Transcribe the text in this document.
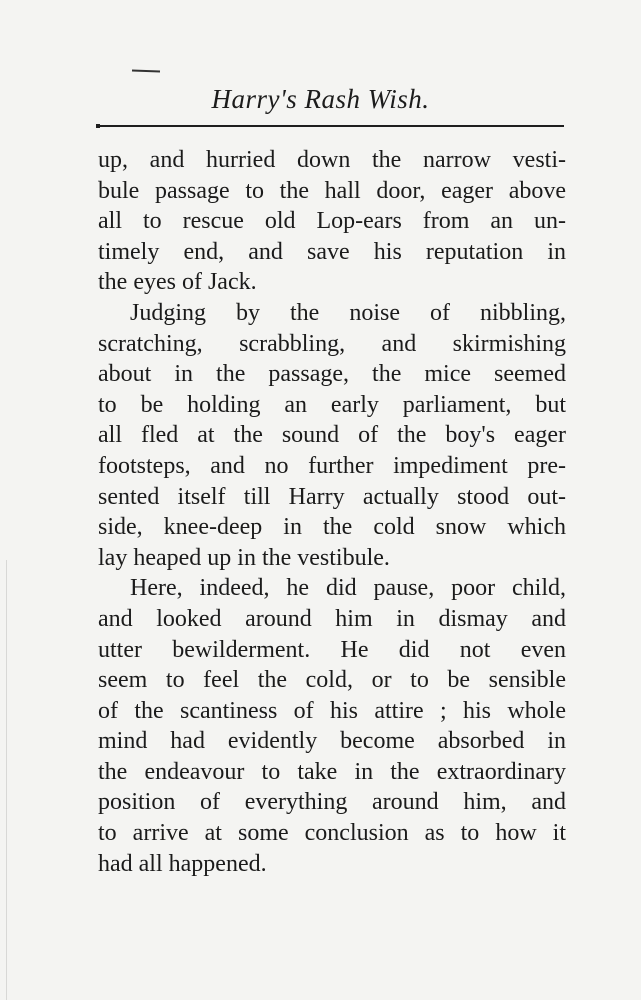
Harry's Rash Wish.
up, and hurried down the narrow vesti-
bule passage to the hall door, eager above
all to rescue old Lop-ears from an un-
timely end, and save his reputation in
the eyes of Jack.
Judging by the noise of nibbling,
scratching, scrabbling, and skirmishing
about in the passage, the mice seemed
to be holding an early parliament, but
all fled at the sound of the boy's eager
footsteps, and no further impediment pre-
sented itself till Harry actually stood out-
side, knee-deep in the cold snow which
lay heaped up in the vestibule.
Here, indeed, he did pause, poor child,
and looked around him in dismay and
utter bewilderment. He did not even
seem to feel the cold, or to be sensible
of the scantiness of his attire ; his whole
mind had evidently become absorbed in
the endeavour to take in the extraordinary
position of everything around him, and
to arrive at some conclusion as to how it
had all happened.
